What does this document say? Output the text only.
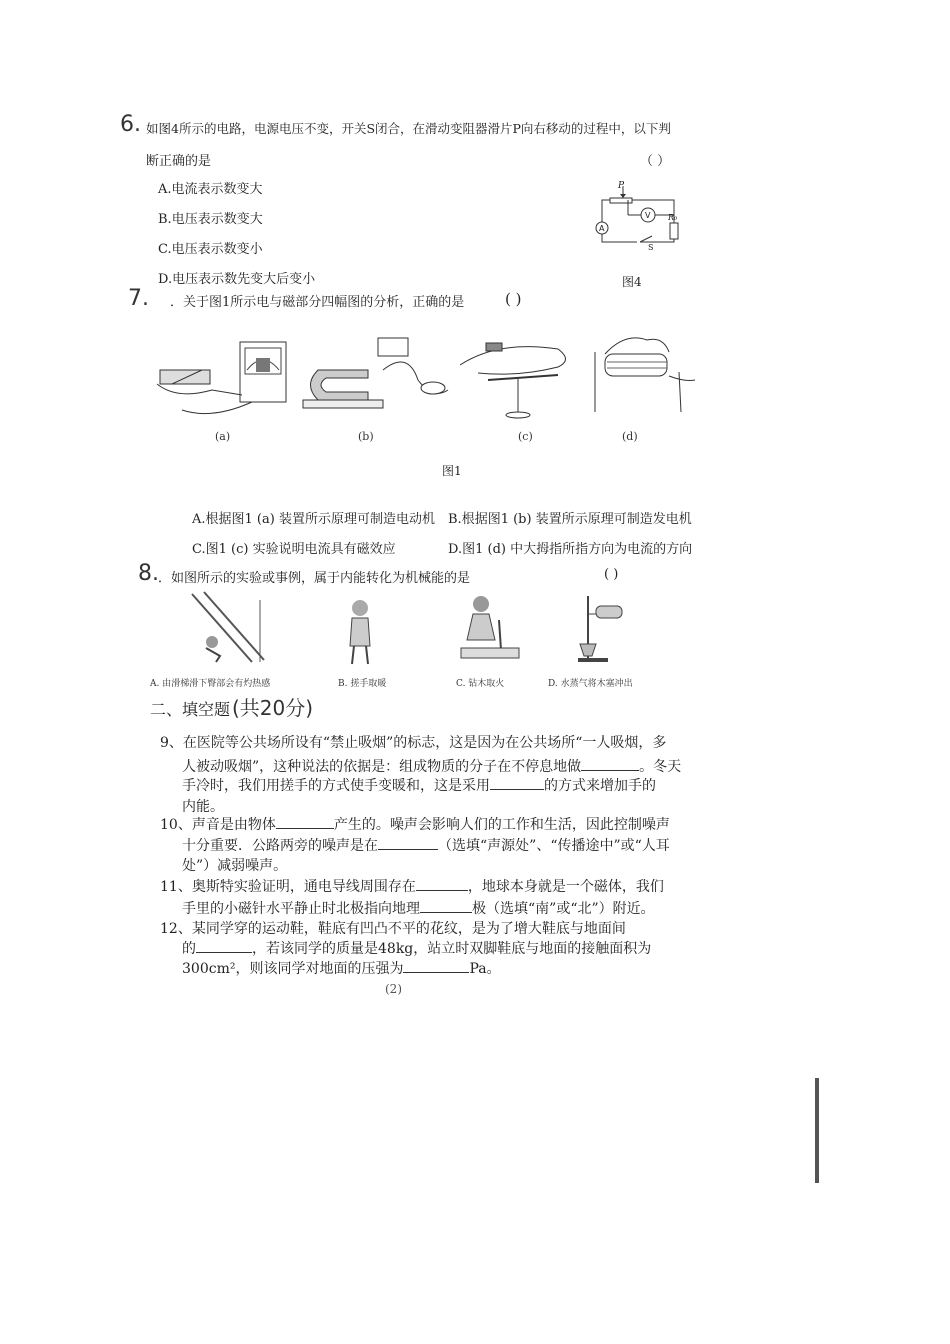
6. 如图4所示的电路，电源电压不变，开关S闭合，在滑动变阻器滑片P向右移动的过程中，以下判
断正确的是	（ ）
A.电流表示数变大
B.电压表示数变大
C.电压表示数变小
D.电压表示数先变大后变小
P
V
A
S
R₀
图4
7. ．关于图1所示电与磁部分四幅图的分析，正确的是	( )
(a)	(b)	(c)	(d)
图1
A.根据图1 (a) 装置所示原理可制造电动机 B.根据图1 (b) 装置所示原理可制造发电机
C.图1 (c) 实验说明电流具有磁效应	D.图1 (d) 中大拇指所指方向为电流的方向
8. ．如图所示的实验或事例，属于内能转化为机械能的是	( )
A. 由滑梯滑下臀部会有灼热感	B. 搓手取暖	C. 钻木取火	D. 水蒸气将木塞冲出
二、填空题 (共20分)
9、在医院等公共场所设有“禁止吸烟”的标志，这是因为在公共场所“一人吸烟，多
人被动吸烟”，这种说法的依据是：组成物质的分子在不停息地做	。冬天
手冷时，我们用搓手的方式使手变暖和，这是采用	的方式来增加手的
内能。
10、声音是由物体	产生的。噪声会影响人们的工作和生活，因此控制噪声
十分重要．公路两旁的噪声是在	（选填“声源处”、“传播途中”或“人耳
处”）减弱噪声。
11、奥斯特实验证明，通电导线周围存在	，地球本身就是一个磁体，我们
手里的小磁针水平静止时北极指向地理	极（选填“南”或“北”）附近。
12、某同学穿的运动鞋，鞋底有凹凸不平的花纹，是为了增大鞋底与地面间
的	，若该同学的质量是48kg，站立时双脚鞋底与地面的接触面积为
300cm²，则该同学对地面的压强为	Pa。
(2)
